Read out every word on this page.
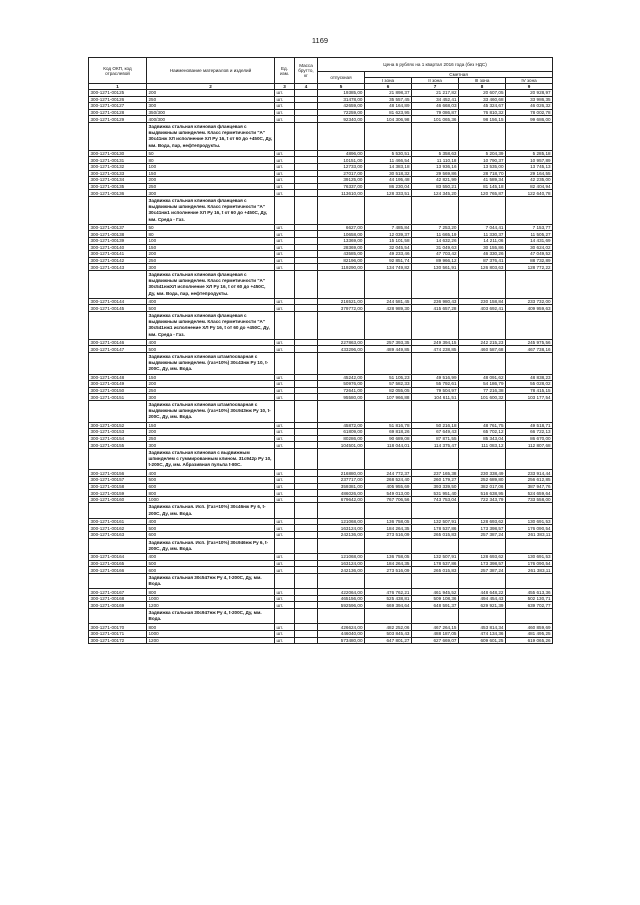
1169
Код ОКП, код отраслевой	Наименование материалов и изделий	Ед. изм.	Масса брутто, кг	Цена в рублях на 1 квартал 2016 года (без НДС)				
				отпускная	Сметная			
					I зона	II зона	III зона	IV зона
1	2	3	4	5	6	7	8	9
300-1271-00125	200	шт.		19385,00	21 898,37	21 217,82	20 607,05	20 928,97
300-1271-00126	250	шт.		31478,00	35 557,45	34 452,41	33 460,68	33 986,35
300-1271-00127	300	шт.		42659,00	48 164,89	46 668,03	45 324,67	46 026,32
300-1271-00128	350/300	шт.		72259,00	81 623,95	79 086,87	76 810,32	78 002,78
300-1271-00129	400/300	шт.		92340,00	104 306,98	101 065,36	98 156,15	99 686,00
	Задвижка стальная клиновая фланцевая с выдвижным шпинделем. Класс герметичности "А" 30с41нж ХЛ исполнение ХЛ Ру 16, t от 60 до +450С, Ду, мм. Вода, пар, нефтепродукты.							
300-1271-00130	50	шт.		4896,00	5 530,51	5 358,63	5 204,39	5 285,18
300-1271-00131	80	шт.		10151,00	11 466,54	11 110,18	10 790,37	10 957,89
300-1271-00132	100	шт.		12733,00	14 383,18	13 936,16	13 535,00	13 745,13
300-1271-00133	150	шт.		27017,00	30 518,32	29 569,86	28 718,70	29 164,55
300-1271-00134	200	шт.		39125,00	44 195,48	42 821,99	41 589,34	42 235,00
300-1271-00135	250	шт.		76337,00	86 230,04	83 550,21	81 145,18	82 404,94
300-1271-00136	300	шт.		113610,00	128 333,51	124 345,20	120 765,87	122 640,78
	Задвижка стальная клиновая фланцевая с выдвижным шпинделем. Класс герметичности "А" 30с41нж1 исполнение ХЛ Ру 16, t от 60 до +450С, Ду, мм. Среда - Газ.							
300-1271-00137	50	шт.		6627,00	7 485,84	7 253,20	7 044,41	7 153,77
300-1271-00138	80	шт.		10658,00	12 039,37	11 665,19	11 330,37	11 505,27
300-1271-00139	100	шт.		13369,00	15 101,58	14 632,26	14 211,06	14 431,69
300-1271-00140	150	шт.		28369,00	32 045,54	31 049,63	30 155,86	30 624,02
300-1271-00141	200	шт.		43585,00	49 233,46	47 703,42	46 330,26	47 049,52
300-1271-00142	250	шт.		82196,00	92 851,74	89 966,12	87 376,41	88 732,89
300-1271-00143	300	шт.		119290,00	134 749,82	130 561,91	126 803,63	128 772,22
	Задвижка стальная клиновая фланцевая с выдвижным шпинделем. Класс герметичности "А" 30с541нжХЛ исполнение ХЛ Ру 16, t от 60 до +450С, Ду, мм. Вода, пар, нефтепродукты.							
300-1271-00144	400	шт.		216521,00	244 581,45	236 980,43	230 158,84	233 732,00
300-1271-00145	500	шт.		379772,00	428 989,30	415 657,28	403 692,41	409 959,63
	Задвижка стальная клиновая фланцевая с выдвижным шпинделем. Класс герметичности "А" 30с541нж1 исполнение ХЛ Ру 16, t от 60 до +450С, Ду, мм. Среда - Газ.							
300-1271-00146	400	шт.		227863,00	257 393,35	249 394,15	242 215,23	245 975,56
300-1271-00147	500	шт.		433296,00	489 449,85	474 238,85	460 587,68	467 738,16
	Задвижка стальная клиновая штампосварная с выдвижным шпинделем. (газ+10%) 30с43нж Ру 10, t-200С, Ду, мм. Вода.							
300-1271-00148	150	шт.		45242,00	51 105,23	49 516,99	48 091,62	48 838,23
300-1271-00149	200	шт.		50976,00	57 582,33	55 792,61	54 186,79	55 028,02
300-1271-00150	250	шт.		72641,00	82 055,05	79 504,97	77 216,38	78 415,15
300-1271-00151	300	шт.		95580,00	107 966,88	104 611,51	101 600,32	103 177,54
	Задвижка стальная клиновая штампосварная с выдвижным шпинделем. (газ+10%) 30с943нж Ру 10, t-200С, Ду, мм. Вода.							
300-1271-00152	150	шт.		45872,00	51 816,78	50 216,18	48 761,75	49 518,71
300-1271-00153	200	шт.		61809,00	69 818,26	67 649,43	65 702,12	66 722,13
300-1271-00154	250	шт.		80286,00	90 689,08	87 871,55	85 343,04	86 670,00
300-1271-00155	300	шт.		104501,00	118 044,01	114 375,47	111 083,12	112 807,68
	Задвижка стальная клиновая с выдвижным шпинделем с гуммированным клином. 31с942р Ру 10, t-200С, Ду, мм. Абразивная пульпа t-80С.							
300-1271-00156	400	шт.		216880,00	244 772,37	237 165,38	230 338,49	233 914,44
300-1271-00157	500	шт.		237717,00	268 524,40	260 179,27	252 689,80	256 612,85
300-1271-00158	600	шт.		359381,00	405 955,69	393 339,50	382 017,06	387 947,76
300-1271-00159	800	шт.		486026,00	549 013,00	531 951,40	516 638,95	524 659,64
300-1271-00160	1000	шт.		679642,00	767 706,56	743 753,04	722 343,79	733 558,00
	Задвижка стальная. Исп. (Газ+10%) 30с46нж Ру 6, t-200С, Ду, мм. Вода.							
300-1271-00161	400	шт.		121068,00	136 758,05	132 507,91	128 693,62	130 691,53
300-1271-00162	500	шт.		163124,00	184 264,35	178 537,86	173 398,57	176 090,54
300-1271-00163	600	шт.		242136,00	273 516,09	265 015,83	257 387,24	261 383,11
	Задвижка стальная. Исп. (Газ+10%) 30с946нж Ру 6, t-200С, Ду, мм. Вода.							
300-1271-00164	400	шт.		121068,00	136 758,05	132 507,91	128 693,62	130 691,53
300-1271-00165	500	шт.		163124,00	184 264,35	178 537,86	173 398,57	176 090,54
300-1271-00166	600	шт.		242136,00	273 516,09	265 015,83	257 387,24	261 383,11
	Задвижка стальная 30с547нж Ру 4, t-200С, Ду, мм. Вода.							
300-1271-00167	800	шт.		422064,00	476 762,21	461 945,52	448 648,22	455 613,36
300-1271-00168	1000	шт.		465156,00	525 438,81	509 108,36	494 454,43	502 130,71
300-1271-00169	1200	шт.		592596,00	669 394,64	648 591,37	629 921,39	639 702,77
	Задвижка стальная 30с947нж Ру 4, t-200С, Ду, мм. Вода.							
300-1271-00170	800	шт.		426624,00	482 252,06	467 264,15	453 814,34	460 859,69
300-1271-00171	1000	шт.		446040,00	503 845,43	488 187,05	474 134,36	481 495,25
300-1271-00172	1200	шт.		573480,00	647 801,27	627 669,07	609 601,25	619 065,26
